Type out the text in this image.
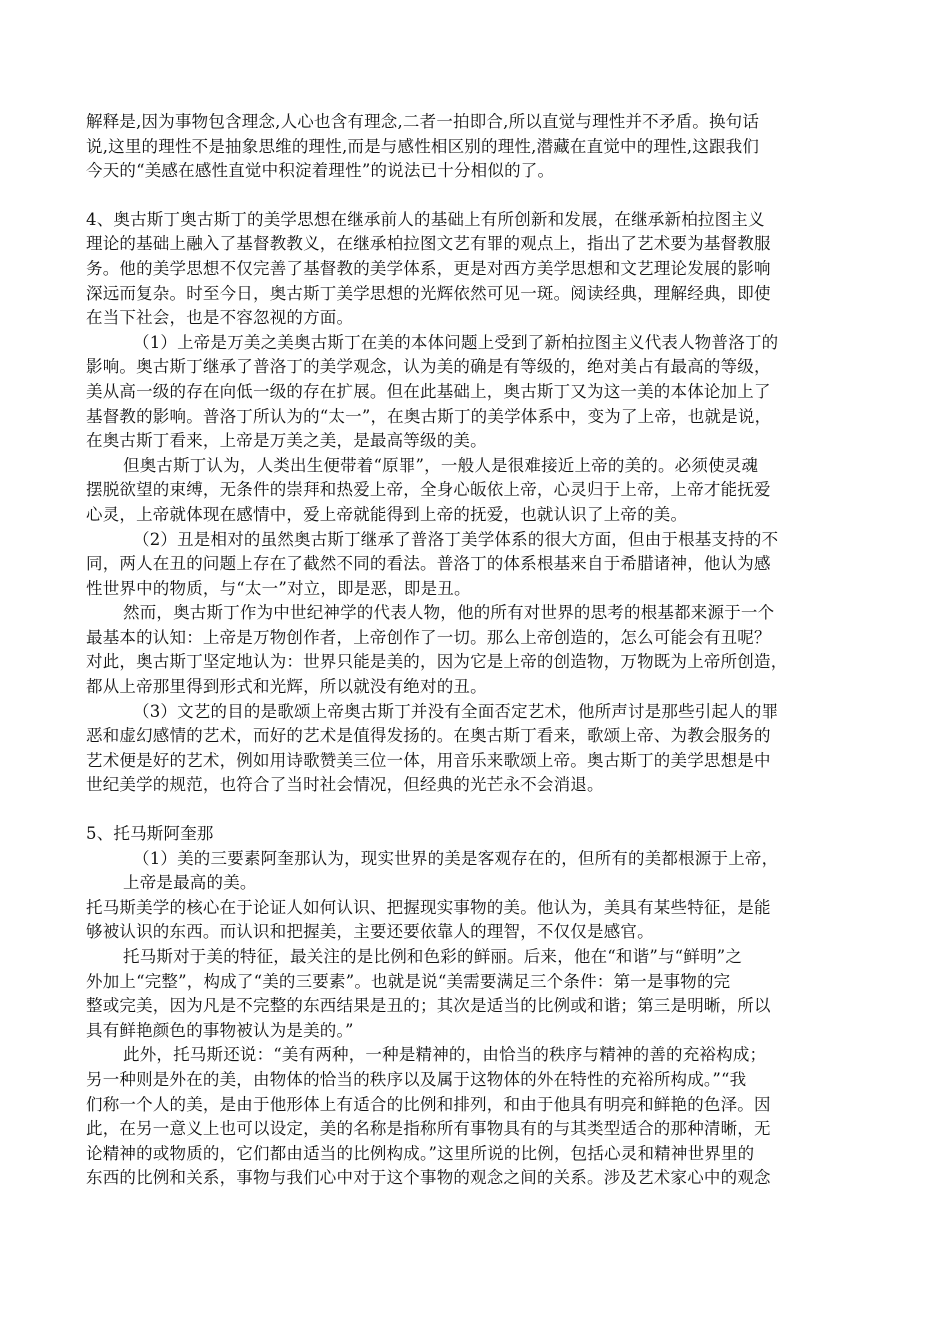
解释是,因为事物包含理念,人心也含有理念,二者一拍即合,所以直觉与理性并不矛盾。换句话
说,这里的理性不是抽象思维的理性,而是与感性相区别的理性,潜藏在直觉中的理性,这跟我们
今天的“美感在感性直觉中积淀着理性”的说法已十分相似的了。
4、奥古斯丁奥古斯丁的美学思想在继承前人的基础上有所创新和发展，在继承新柏拉图主义
理论的基础上融入了基督教教义，在继承柏拉图文艺有罪的观点上，指出了艺术要为基督教服
务。他的美学思想不仅完善了基督教的美学体系，更是对西方美学思想和文艺理论发展的影响
深远而复杂。时至今日，奥古斯丁美学思想的光辉依然可见一斑。阅读经典，理解经典，即使
在当下社会，也是不容忽视的方面。
（1）上帝是万美之美奥古斯丁在美的本体问题上受到了新柏拉图主义代表人物普洛丁的
影响。奥古斯丁继承了普洛丁的美学观念，认为美的确是有等级的，绝对美占有最高的等级，
美从高一级的存在向低一级的存在扩展。但在此基础上，奥古斯丁又为这一美的本体论加上了
基督教的影响。普洛丁所认为的“太一”，在奥古斯丁的美学体系中，变为了上帝，也就是说，
在奥古斯丁看来，上帝是万美之美，是最高等级的美。
但奥古斯丁认为，人类出生便带着“原罪”，一般人是很难接近上帝的美的。必须使灵魂
摆脱欲望的束缚，无条件的崇拜和热爱上帝，全身心皈依上帝，心灵归于上帝，上帝才能抚爱
心灵，上帝就体现在感情中，爱上帝就能得到上帝的抚爱，也就认识了上帝的美。
（2）丑是相对的虽然奥古斯丁继承了普洛丁美学体系的很大方面，但由于根基支持的不
同，两人在丑的问题上存在了截然不同的看法。普洛丁的体系根基来自于希腊诸神，他认为感
性世界中的物质，与“太一”对立，即是恶，即是丑。
然而，奥古斯丁作为中世纪神学的代表人物，他的所有对世界的思考的根基都来源于一个
最基本的认知：上帝是万物创作者，上帝创作了一切。那么上帝创造的，怎么可能会有丑呢？
对此，奥古斯丁坚定地认为：世界只能是美的，因为它是上帝的创造物，万物既为上帝所创造，
都从上帝那里得到形式和光辉，所以就没有绝对的丑。
（3）文艺的目的是歌颂上帝奥古斯丁并没有全面否定艺术，他所声讨是那些引起人的罪
恶和虚幻感情的艺术，而好的艺术是值得发扬的。在奥古斯丁看来，歌颂上帝、为教会服务的
艺术便是好的艺术，例如用诗歌赞美三位一体，用音乐来歌颂上帝。奥古斯丁的美学思想是中
世纪美学的规范，也符合了当时社会情况，但经典的光芒永不会消退。
5、托马斯阿奎那
（1）美的三要素阿奎那认为，现实世界的美是客观存在的，但所有的美都根源于上帝，
上帝是最高的美。
托马斯美学的核心在于论证人如何认识、把握现实事物的美。他认为，美具有某些特征，是能
够被认识的东西。而认识和把握美，主要还要依靠人的理智，不仅仅是感官。
托马斯对于美的特征，最关注的是比例和色彩的鲜丽。后来，他在“和谐”与“鲜明”之
外加上“完整”，构成了“美的三要素”。也就是说“美需要满足三个条件：第一是事物的完
整或完美，因为凡是不完整的东西结果是丑的；其次是适当的比例或和谐；第三是明晰，所以
具有鲜艳颜色的事物被认为是美的。”
此外，托马斯还说：“美有两种，一种是精神的，由恰当的秩序与精神的善的充裕构成；
另一种则是外在的美，由物体的恰当的秩序以及属于这物体的外在特性的充裕所构成。”“我
们称一个人的美，是由于他形体上有适合的比例和排列，和由于他具有明亮和鲜艳的色泽。因
此，在另一意义上也可以设定，美的名称是指称所有事物具有的与其类型适合的那种清晰，无
论精神的或物质的，它们都由适当的比例构成。”这里所说的比例，包括心灵和精神世界里的
东西的比例和关系，事物与我们心中对于这个事物的观念之间的关系。涉及艺术家心中的观念
